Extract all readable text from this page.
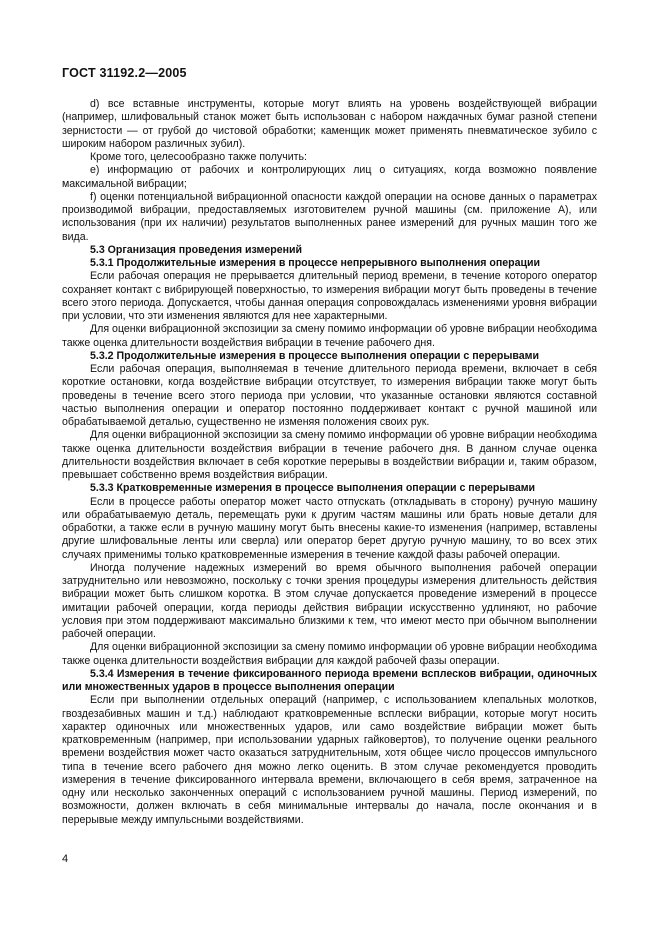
ГОСТ 31192.2—2005

d) все вставные инструменты, которые могут влиять на уровень воздействующей вибрации (например, шлифовальный станок может быть использован с набором наждачных бумаг разной степени зернистости — от грубой до чистовой обработки; каменщик может применять пневматическое зубило с широким набором различных зубил).

Кроме того, целесообразно также получить:

e) информацию от рабочих и контролирующих лиц о ситуациях, когда возможно появление максимальной вибрации;

f) оценки потенциальной вибрационной опасности каждой операции на основе данных о параметрах производимой вибрации, предоставляемых изготовителем ручной машины (см. приложение А), или использования (при их наличии) результатов выполненных ранее измерений для ручных машин того же вида.

5.3 Организация проведения измерений

5.3.1 Продолжительные измерения в процессе непрерывного выполнения операции

Если рабочая операция не прерывается длительный период времени, в течение которого оператор сохраняет контакт с вибрирующей поверхностью, то измерения вибрации могут быть проведены в течение всего этого периода. Допускается, чтобы данная операция сопровождалась изменениями уровня вибрации при условии, что эти изменения являются для нее характерными.

Для оценки вибрационной экспозиции за смену помимо информации об уровне вибрации необходима также оценка длительности воздействия вибрации в течение рабочего дня.

5.3.2 Продолжительные измерения в процессе выполнения операции с перерывами

Если рабочая операция, выполняемая в течение длительного периода времени, включает в себя короткие остановки, когда воздействие вибрации отсутствует, то измерения вибрации также могут быть проведены в течение всего этого периода при условии, что указанные остановки являются составной частью выполнения операции и оператор постоянно поддерживает контакт с ручной машиной или обрабатываемой деталью, существенно не изменяя положения своих рук.

Для оценки вибрационной экспозиции за смену помимо информации об уровне вибрации необходима также оценка длительности воздействия вибрации в течение рабочего дня. В данном случае оценка длительности воздействия включает в себя короткие перерывы в воздействии вибрации и, таким образом, превышает собственно время воздействия вибрации.

5.3.3 Кратковременные измерения в процессе выполнения операции с перерывами

Если в процессе работы оператор может часто отпускать (откладывать в сторону) ручную машину или обрабатываемую деталь, перемещать руки к другим частям машины или брать новые детали для обработки, а также если в ручную машину могут быть внесены какие-то изменения (например, вставлены другие шлифовальные ленты или сверла) или оператор берет другую ручную машину, то во всех этих случаях применимы только кратковременные измерения в течение каждой фазы рабочей операции.

Иногда получение надежных измерений во время обычного выполнения рабочей операции затруднительно или невозможно, поскольку с точки зрения процедуры измерения длительность действия вибрации может быть слишком коротка. В этом случае допускается проведение измерений в процессе имитации рабочей операции, когда периоды действия вибрации искусственно удлиняют, но рабочие условия при этом поддерживают максимально близкими к тем, что имеют место при обычном выполнении рабочей операции.

Для оценки вибрационной экспозиции за смену помимо информации об уровне вибрации необходима также оценка длительности воздействия вибрации для каждой рабочей фазы операции.

5.3.4 Измерения в течение фиксированного периода времени всплесков вибрации, одиночных или множественных ударов в процессе выполнения операции

Если при выполнении отдельных операций (например, с использованием клепальных молотков, гвоздезабивных машин и т.д.) наблюдают кратковременные всплески вибрации, которые могут носить характер одиночных или множественных ударов, или само воздействие вибрации может быть кратковременным (например, при использовании ударных гайковертов), то получение оценки реального времени воздействия может часто оказаться затруднительным, хотя общее число процессов импульсного типа в течение всего рабочего дня можно легко оценить. В этом случае рекомендуется проводить измерения в течение фиксированного интервала времени, включающего в себя время, затраченное на одну или несколько законченных операций с использованием ручной машины. Период измерений, по возможности, должен включать в себя минимальные интервалы до начала, после окончания и в перерывые между импульсными воздействиями.

4
